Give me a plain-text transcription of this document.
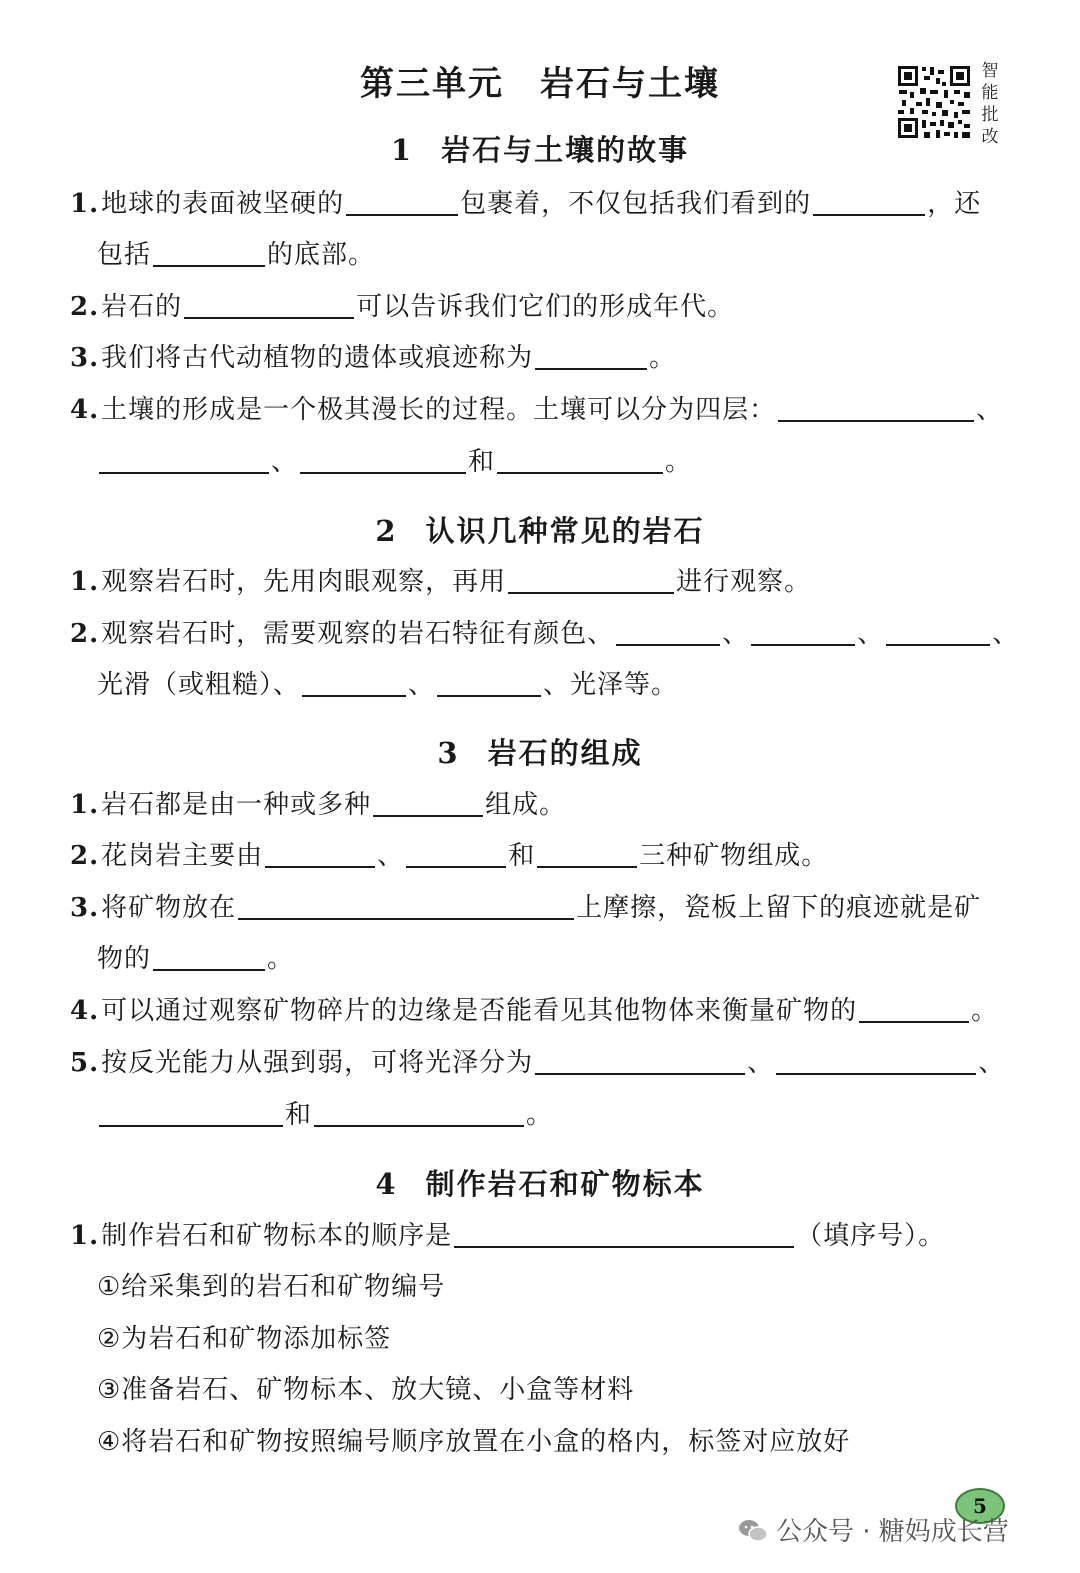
第三单元 岩石与土壤	智
能
批
改
1 岩石与土壤的故事
1.地球的表面被坚硬的	包裹着，不仅包括我们看到的	，还
包括	的底部。
2.岩石的	可以告诉我们它们的形成年代。
3.我们将古代动植物的遗体或痕迹称为	。
4.土壤的形成是一个极其漫长的过程。土壤可以分为四层：	、
、	和	。
2 认识几种常见的岩石
1.观察岩石时，先用肉眼观察，再用	进行观察。
2.观察岩石时，需要观察的岩石特征有颜色、	、	、	、
光滑（或粗糙）、	、	、光泽等。
3 岩石的组成
1.岩石都是由一种或多种	组成。
2.花岗岩主要由	、	和	三种矿物组成。
3.将矿物放在	上摩擦，瓷板上留下的痕迹就是矿
物的	。
4.可以通过观察矿物碎片的边缘是否能看见其他物体来衡量矿物的	。
5.按反光能力从强到弱，可将光泽分为	、	、
和	。
4 制作岩石和矿物标本
1.制作岩石和矿物标本的顺序是	（填序号）。
①给采集到的岩石和矿物编号
②为岩石和矿物添加标签
③准备岩石、矿物标本、放大镜、小盒等材料
④将岩石和矿物按照编号顺序放置在小盒的格内，标签对应放好
5
公众号 · 糖妈成长营
